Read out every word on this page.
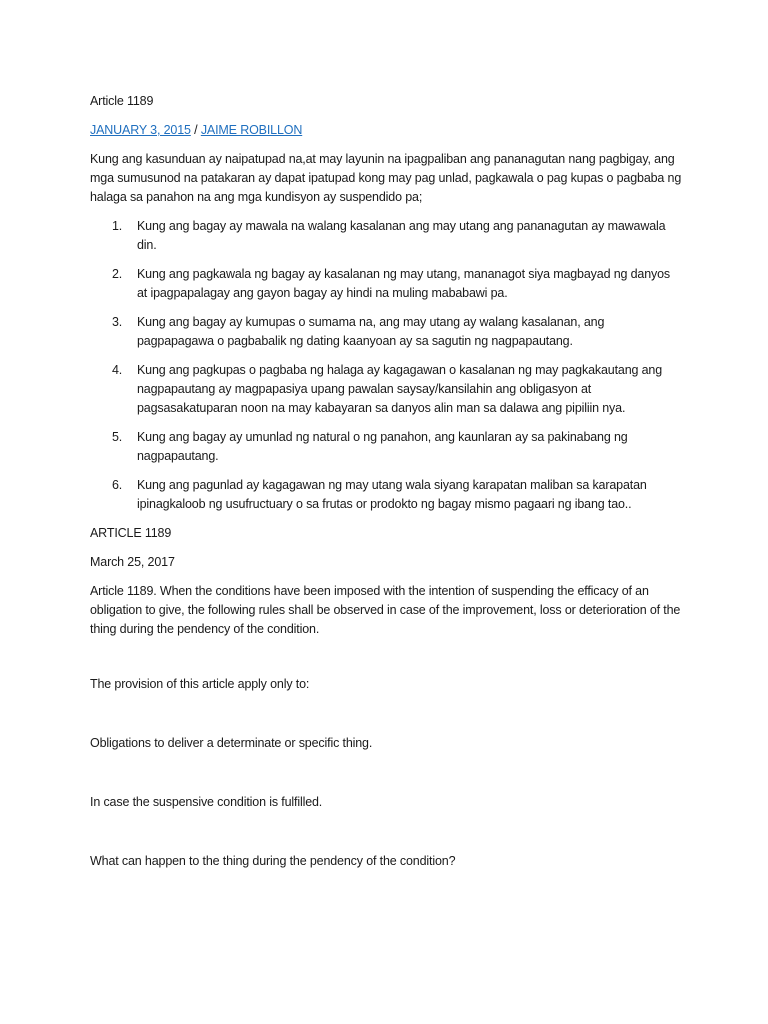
Article 1189

JANUARY 3, 2015 / JAIME ROBILLON

Kung ang kasunduan ay naipatupad na,at may layunin na ipagpaliban ang pananagutan nang pagbigay, ang mga sumusunod na patakaran ay dapat ipatupad kong may pag unlad, pagkawala o pag kupas o pagbaba ng halaga sa panahon na ang mga kundisyon ay suspendido pa;

1. Kung ang bagay ay mawala na walang kasalanan ang may utang ang pananagutan ay mawawala din.
2. Kung ang pagkawala ng bagay ay kasalanan ng may utang, mananagot siya magbayad ng danyos at ipagpapalagay ang gayon bagay ay hindi na muling mababawi pa.
3. Kung ang bagay ay kumupas o sumama na, ang may utang ay walang kasalanan, ang pagpapagawa o pagbabalik ng dating kaanyoan ay sa sagutin ng nagpapautang.
4. Kung ang pagkupas o pagbaba ng halaga ay kagagawan o kasalanan ng may pagkakautang ang nagpapautang ay magpapasiya upang pawalan saysay/kansilahin ang obligasyon at pagsasakatuparan noon na may kabayaran sa danyos alin man sa dalawa ang pipiliin nya.
5. Kung ang bagay ay umunlad ng natural o ng panahon, ang kaunlaran ay sa pakinabang ng nagpapautang.
6. Kung ang pagunlad ay kagagawan ng may utang wala siyang karapatan maliban sa karapatan ipinagkaloob ng usufructuary o sa frutas or prodokto ng bagay mismo pagaari ng ibang tao..

ARTICLE 1189

March 25, 2017

Article 1189. When the conditions have been imposed with the intention of suspending the efficacy of an obligation to give, the following rules shall be observed in case of the improvement, loss or deterioration of the thing during the pendency of the condition.

The provision of this article apply only to:

Obligations to deliver a determinate or specific thing.

In case the suspensive condition is fulfilled.

What can happen to the thing during the pendency of the condition?
